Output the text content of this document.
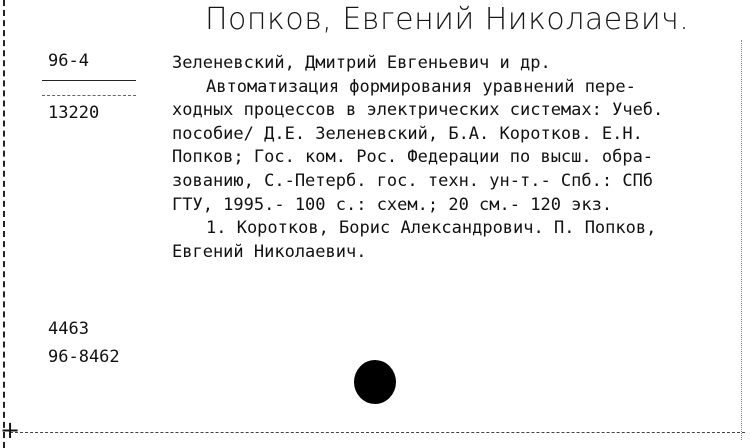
+
Попков, Евгений Николаевич.
96-4
13220
4463
96-8462
Зеленевский, Дмитрий Евгеньевич и др.
Автоматизация формирования уравнений пере-
ходных процессов в электрических системах: Учеб.
пособие/ Д.Е. Зеленевский, Б.А. Коротков. Е.Н.
Попков; Гос. ком. Рос. Федерации по высш. обра-
зованию, С.-Петерб. гос. техн. ун-т.- Спб.: СПб
ГТУ, 1995.- 100 с.: схем.; 20 см.- 120 экз.
1. Коротков, Борис Александрович. П. Попков,
Евгений Николаевич.
